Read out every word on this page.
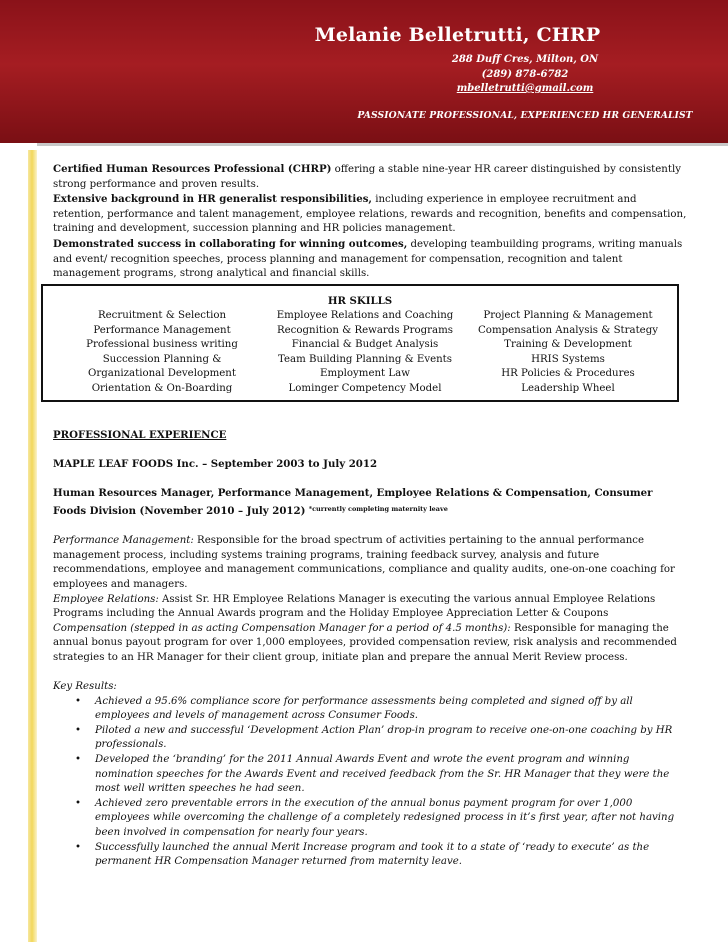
Melanie Belletrutti, CHRP
288 Duff Cres, Milton, ON
(289) 878-6782
mbelletrutti@gmail.com
PASSIONATE PROFESSIONAL, EXPERIENCED HR GENERALIST

Certified Human Resources Professional (CHRP) offering a stable nine-year HR career distinguished by consistently strong performance and proven results.

Extensive background in HR generalist responsibilities, including experience in employee recruitment and retention, performance and talent management, employee relations, rewards and recognition, benefits and compensation, training and development, succession planning and HR policies management.

Demonstrated success in collaborating for winning outcomes, developing teambuilding programs, writing manuals and event/ recognition speeches, process planning and management for compensation, recognition and talent management programs, strong analytical and financial skills.

HR SKILLS
Recruitment & Selection
Performance Management
Professional business writing
Succession Planning &
Organizational Development
Orientation & On-Boarding
Employee Relations and Coaching
Recognition & Rewards Programs
Financial & Budget Analysis
Team Building Planning & Events
Employment Law
Lominger Competency Model
Project Planning & Management
Compensation Analysis & Strategy
Training & Development
HRIS Systems
HR Policies & Procedures
Leadership Wheel

PROFESSIONAL EXPERIENCE

MAPLE LEAF FOODS Inc. – September 2003 to July 2012

Human Resources Manager, Performance Management, Employee Relations & Compensation, Consumer Foods Division (November 2010 – July 2012) $^{*currently completing maternity leave}$

Performance Management: Responsible for the broad spectrum of activities pertaining to the annual performance management process, including systems training programs, training feedback survey, analysis and future recommendations, employee and management communications, compliance and quality audits, one-on-one coaching for employees and managers.

Employee Relations: Assist Sr. HR Employee Relations Manager is executing the various annual Employee Relations Programs including the Annual Awards program and the Holiday Employee Appreciation Letter & Coupons

Compensation (stepped in as acting Compensation Manager for a period of 4.5 months): Responsible for managing the annual bonus payout program for over 1,000 employees, provided compensation review, risk analysis and recommended strategies to an HR Manager for their client group, initiate plan and prepare the annual Merit Review process.

Key Results:

• Achieved a 95.6% compliance score for performance assessments being completed and signed off by all employees and levels of management across Consumer Foods.
• Piloted a new and successful ‘Development Action Plan’ drop-in program to receive one-on-one coaching by HR professionals.
• Developed the ‘branding’ for the 2011 Annual Awards Event and wrote the event program and winning nomination speeches for the Awards Event and received feedback from the Sr. HR Manager that they were the most well written speeches he had seen.
• Achieved zero preventable errors in the execution of the annual bonus payment program for over 1,000 employees while overcoming the challenge of a completely redesigned process in it’s first year, after not having been involved in compensation for nearly four years.
• Successfully launched the annual Merit Increase program and took it to a state of ‘ready to execute’ as the permanent HR Compensation Manager returned from maternity leave.
